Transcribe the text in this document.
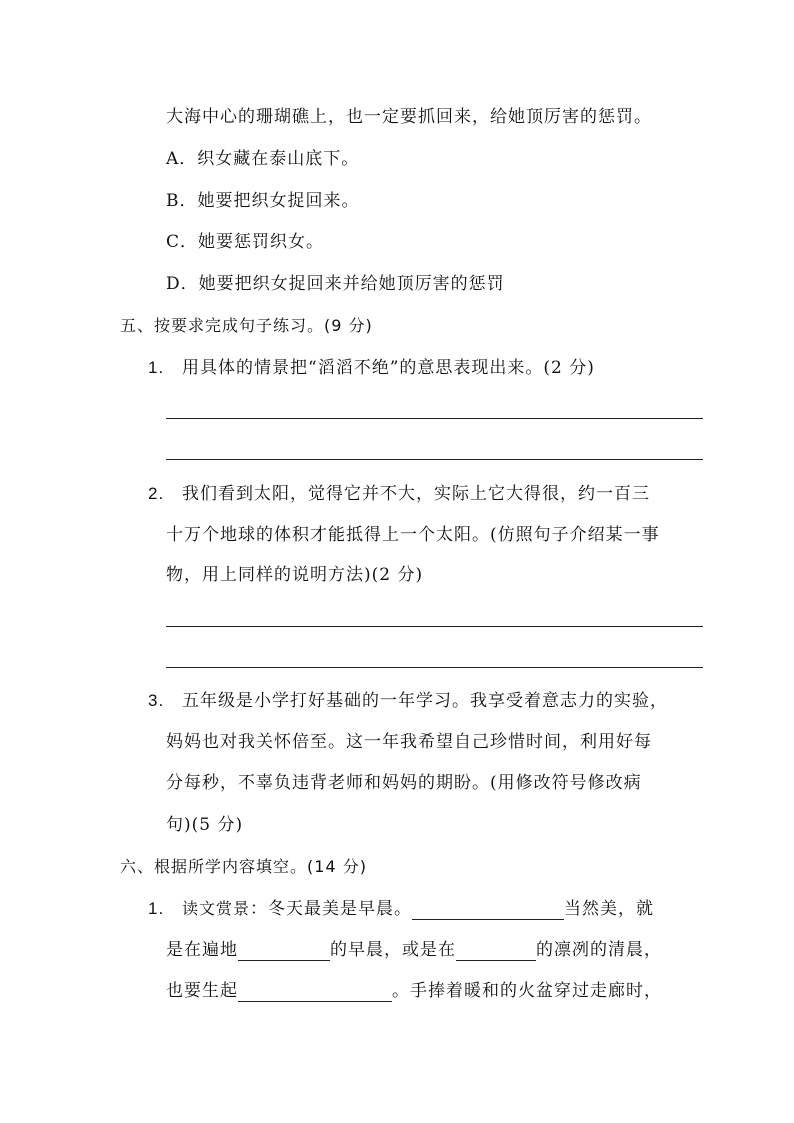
大海中心的珊瑚礁上，也一定要抓回来，给她顶厉害的惩罚。
A．织女藏在泰山底下。
B．她要把织女捉回来。
C．她要惩罚织女。
D．她要把织女捉回来并给她顶厉害的惩罚
五、按要求完成句子练习。(9 分)
1. 用具体的情景把“滔滔不绝”的意思表现出来。(2 分)
2. 我们看到太阳，觉得它并不大，实际上它大得很，约一百三
十万个地球的体积才能抵得上一个太阳。(仿照句子介绍某一事
物，用上同样的说明方法)(2 分)
3. 五年级是小学打好基础的一年学习。我享受着意志力的实验，
妈妈也对我关怀倍至。这一年我希望自己珍惜时间，利用好每
分每秒，不辜负违背老师和妈妈的期盼。(用修改符号修改病
句)(5 分)
六、根据所学内容填空。(14 分)
1. 读文赏景：冬天最美是早晨。	当然美，就
是在遍地	的早晨，或是在	的凛冽的清晨，
也要生起	。手捧着暖和的火盆穿过走廊时，
